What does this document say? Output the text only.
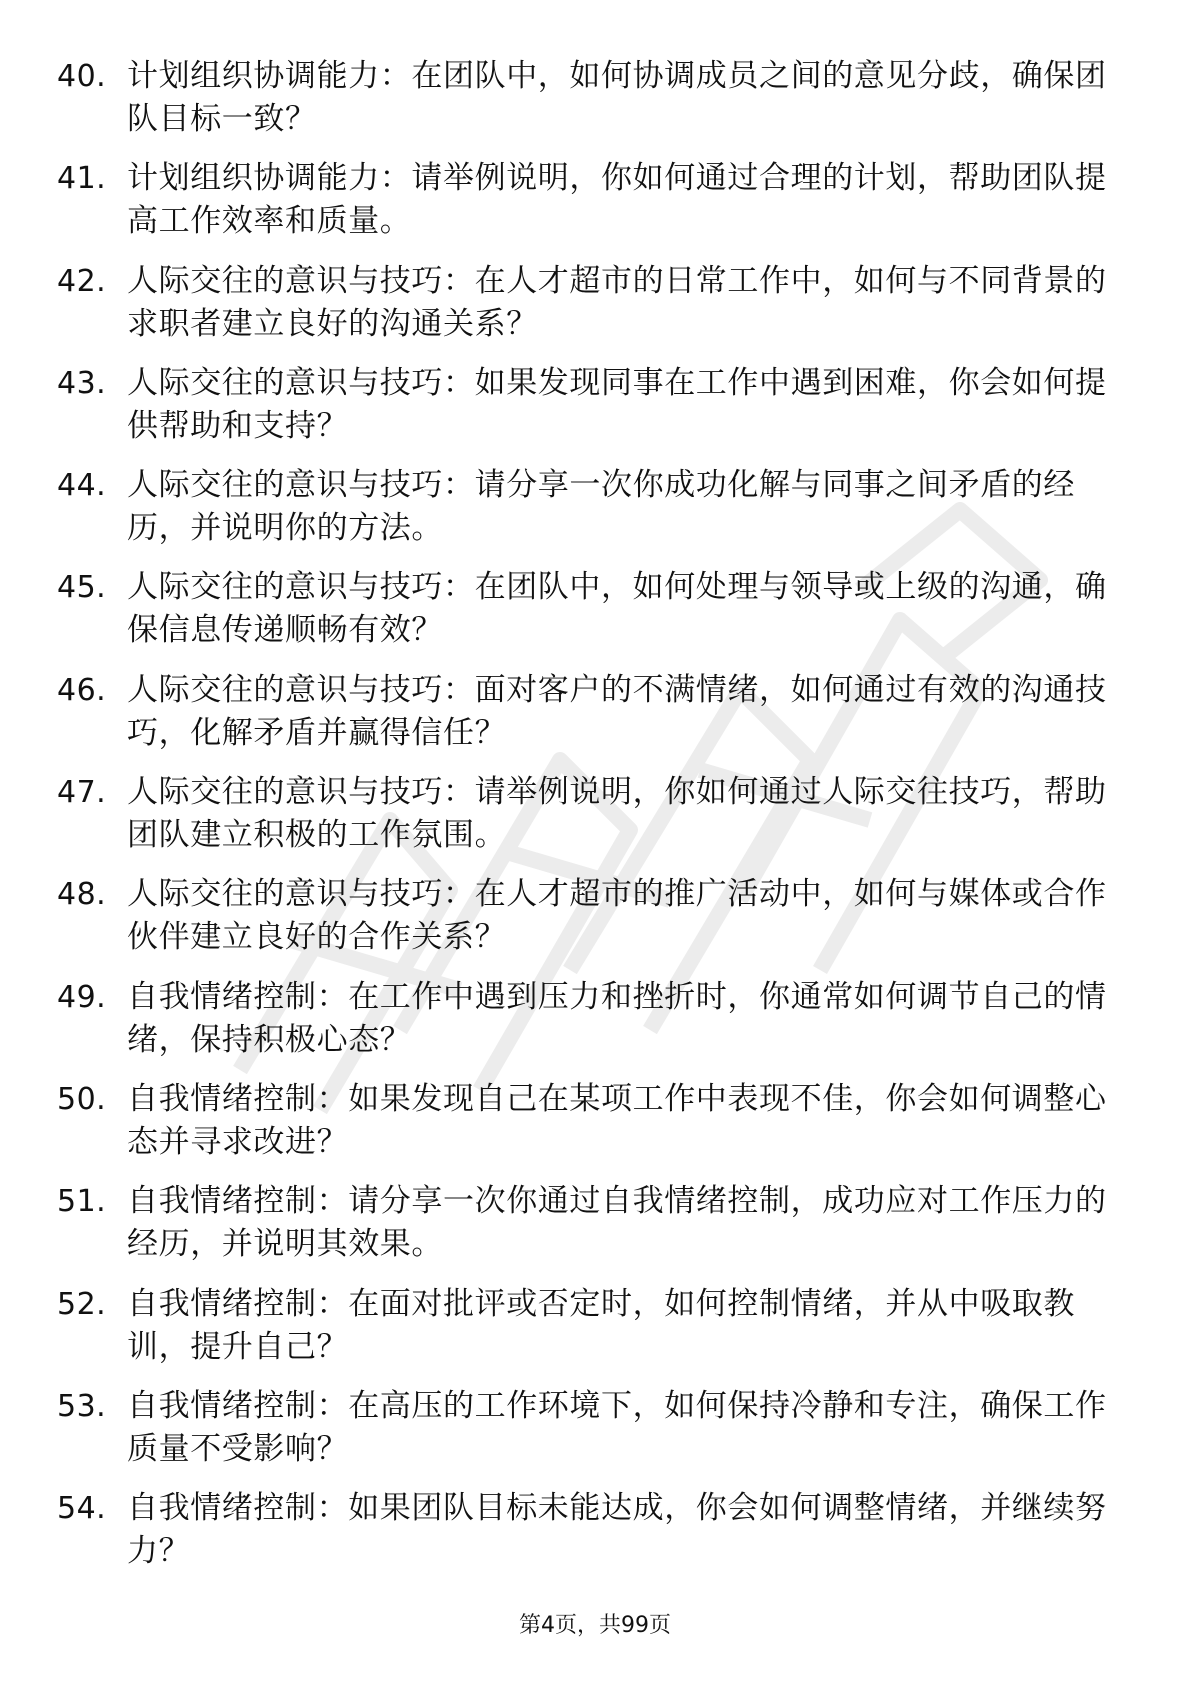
40. 计划组织协调能力：在团队中，如何协调成员之间的意见分歧，确保团队目标一致？
41. 计划组织协调能力：请举例说明，你如何通过合理的计划，帮助团队提高工作效率和质量。
42. 人际交往的意识与技巧：在人才超市的日常工作中，如何与不同背景的求职者建立良好的沟通关系？
43. 人际交往的意识与技巧：如果发现同事在工作中遇到困难，你会如何提供帮助和支持？
44. 人际交往的意识与技巧：请分享一次你成功化解与同事之间矛盾的经历，并说明你的方法。
45. 人际交往的意识与技巧：在团队中，如何处理与领导或上级的沟通，确保信息传递顺畅有效？
46. 人际交往的意识与技巧：面对客户的不满情绪，如何通过有效的沟通技巧，化解矛盾并赢得信任？
47. 人际交往的意识与技巧：请举例说明，你如何通过人际交往技巧，帮助团队建立积极的工作氛围。
48. 人际交往的意识与技巧：在人才超市的推广活动中，如何与媒体或合作伙伴建立良好的合作关系？
49. 自我情绪控制：在工作中遇到压力和挫折时，你通常如何调节自己的情绪，保持积极心态？
50. 自我情绪控制：如果发现自己在某项工作中表现不佳，你会如何调整心态并寻求改进？
51. 自我情绪控制：请分享一次你通过自我情绪控制，成功应对工作压力的经历，并说明其效果。
52. 自我情绪控制：在面对批评或否定时，如何控制情绪，并从中吸取教训，提升自己？
53. 自我情绪控制：在高压的工作环境下，如何保持冷静和专注，确保工作质量不受影响？
54. 自我情绪控制：如果团队目标未能达成，你会如何调整情绪，并继续努力？
第4页，共99页
